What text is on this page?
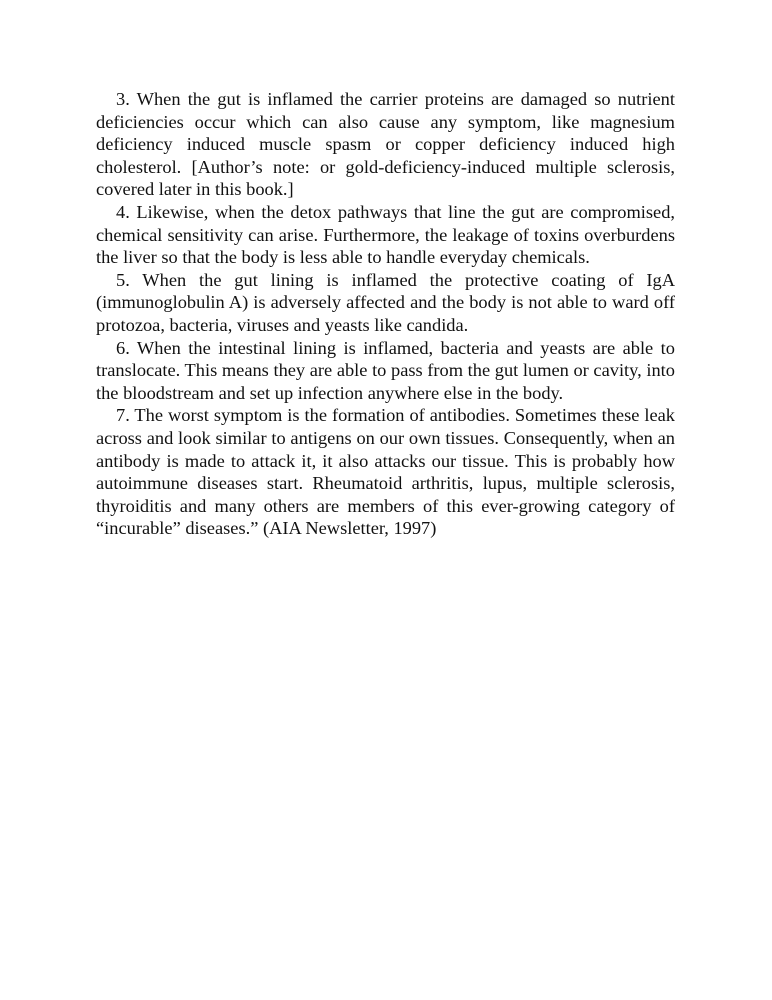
3. When the gut is inflamed the carrier proteins are damaged so nutrient deficiencies occur which can also cause any symptom, like magnesium deficiency induced muscle spasm or copper deficiency induced high cholesterol. [Author’s note: or gold-deficiency-induced multiple sclerosis, covered later in this book.]

4. Likewise, when the detox pathways that line the gut are compromised, chemical sensitivity can arise. Furthermore, the leakage of toxins overburdens the liver so that the body is less able to handle everyday chemicals.

5. When the gut lining is inflamed the protective coating of IgA (immunoglobulin A) is adversely affected and the body is not able to ward off protozoa, bacteria, viruses and yeasts like candida.

6. When the intestinal lining is inflamed, bacteria and yeasts are able to translocate. This means they are able to pass from the gut lumen or cavity, into the bloodstream and set up infection anywhere else in the body.

7. The worst symptom is the formation of antibodies. Sometimes these leak across and look similar to antigens on our own tissues. Consequently, when an antibody is made to attack it, it also attacks our tissue. This is probably how autoimmune diseases start. Rheumatoid arthritis, lupus, multiple sclerosis, thyroiditis and many others are members of this ever-growing category of “incurable” diseases.” (AIA Newsletter, 1997)
